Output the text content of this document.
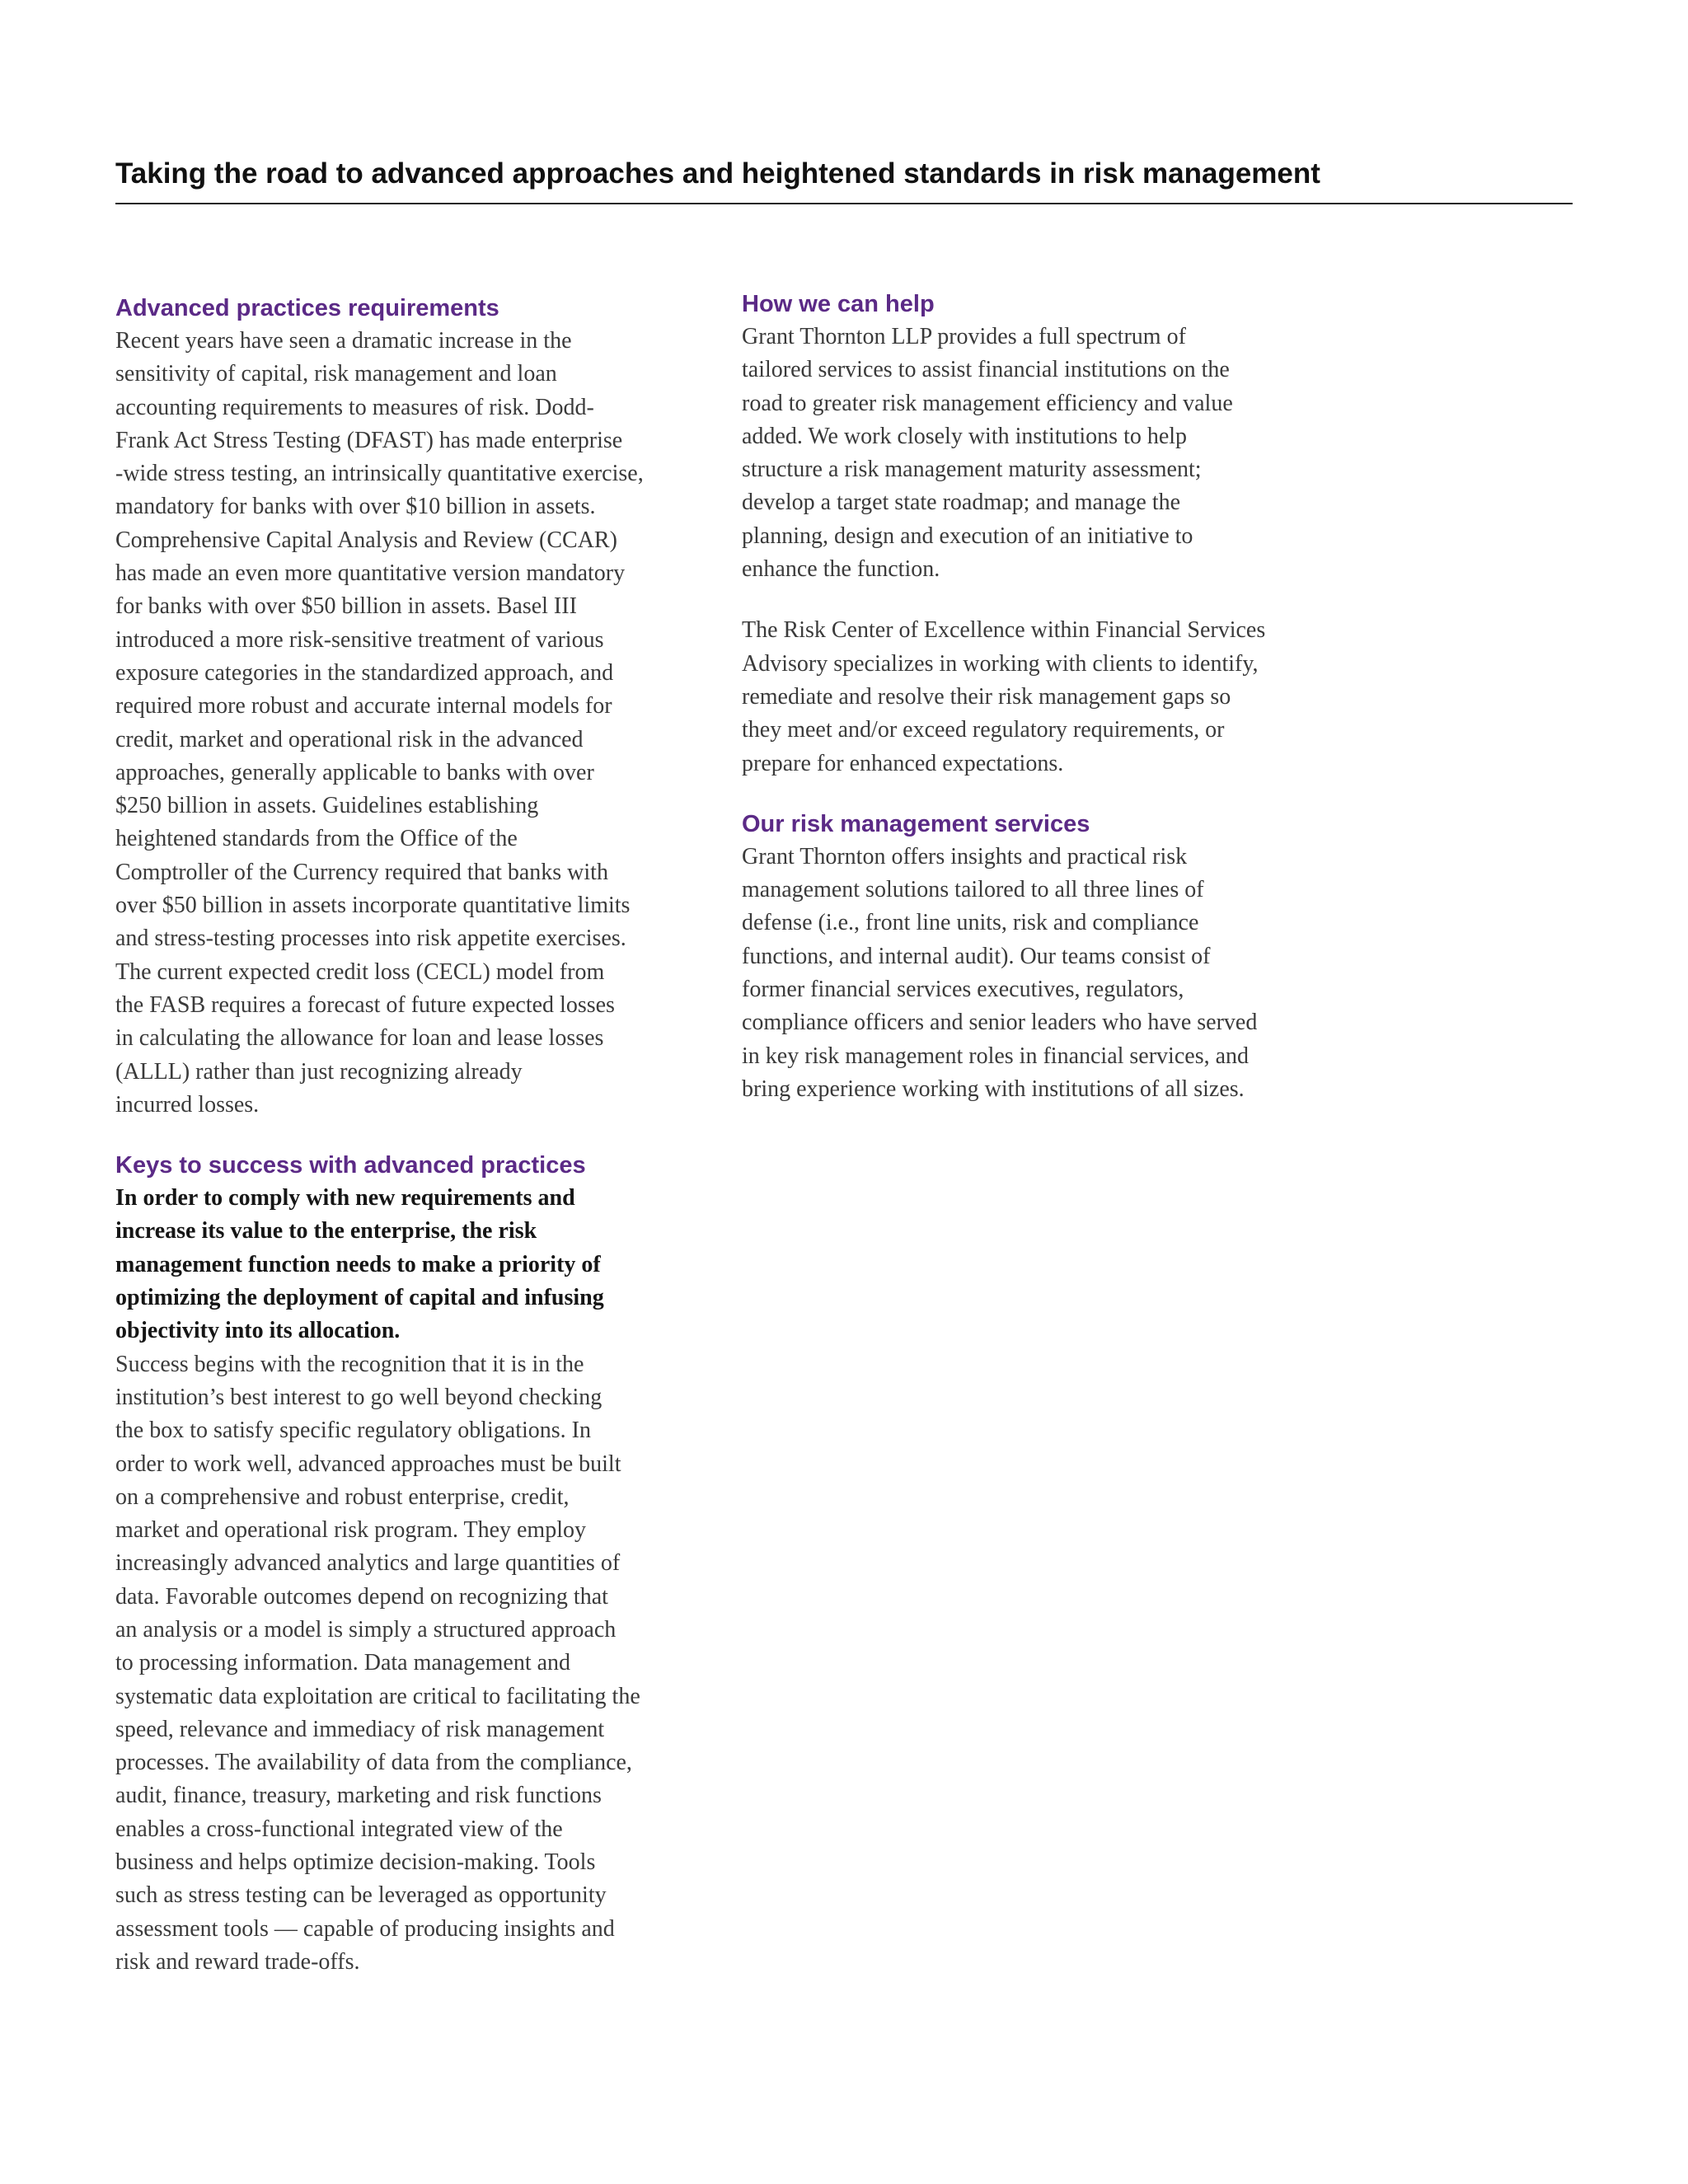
Taking the road to advanced approaches and heightened standards in risk management
Advanced practices requirements

Recent years have seen a dramatic increase in the
sensitivity of capital, risk management and loan
accounting requirements to measures of risk. Dodd-
Frank Act Stress Testing (DFAST) has made enterprise
-wide stress testing, an intrinsically quantitative exercise,
mandatory for banks with over $10 billion in assets.
Comprehensive Capital Analysis and Review (CCAR)
has made an even more quantitative version mandatory
for banks with over $50 billion in assets. Basel III
introduced a more risk-sensitive treatment of various
exposure categories in the standardized approach, and
required more robust and accurate internal models for
credit, market and operational risk in the advanced
approaches, generally applicable to banks with over
$250 billion in assets. Guidelines establishing
heightened standards from the Office of the
Comptroller of the Currency required that banks with
over $50 billion in assets incorporate quantitative limits
and stress-testing processes into risk appetite exercises.
The current expected credit loss (CECL) model from
the FASB requires a forecast of future expected losses
in calculating the allowance for loan and lease losses
(ALLL) rather than just recognizing already
incurred losses.

Keys to success with advanced practices

In order to comply with new requirements and
increase its value to the enterprise, the risk
management function needs to make a priority of
optimizing the deployment of capital and infusing
objectivity into its allocation.

Success begins with the recognition that it is in the
institution’s best interest to go well beyond checking
the box to satisfy specific regulatory obligations. In
order to work well, advanced approaches must be built
on a comprehensive and robust enterprise, credit,
market and operational risk program. They employ
increasingly advanced analytics and large quantities of
data. Favorable outcomes depend on recognizing that
an analysis or a model is simply a structured approach
to processing information. Data management and
systematic data exploitation are critical to facilitating the
speed, relevance and immediacy of risk management
processes. The availability of data from the compliance,
audit, finance, treasury, marketing and risk functions
enables a cross-functional integrated view of the
business and helps optimize decision-making. Tools
such as stress testing can be leveraged as opportunity
assessment tools — capable of producing insights and
risk and reward trade-offs.

How we can help

Grant Thornton LLP provides a full spectrum of
tailored services to assist financial institutions on the
road to greater risk management efficiency and value
added. We work closely with institutions to help
structure a risk management maturity assessment;
develop a target state roadmap; and manage the
planning, design and execution of an initiative to
enhance the function.

The Risk Center of Excellence within Financial Services
Advisory specializes in working with clients to identify,
remediate and resolve their risk management gaps so
they meet and/or exceed regulatory requirements, or
prepare for enhanced expectations.

Our risk management services

Grant Thornton offers insights and practical risk
management solutions tailored to all three lines of
defense (i.e., front line units, risk and compliance
functions, and internal audit). Our teams consist of
former financial services executives, regulators,
compliance officers and senior leaders who have served
in key risk management roles in financial services, and
bring experience working with institutions of all sizes.
